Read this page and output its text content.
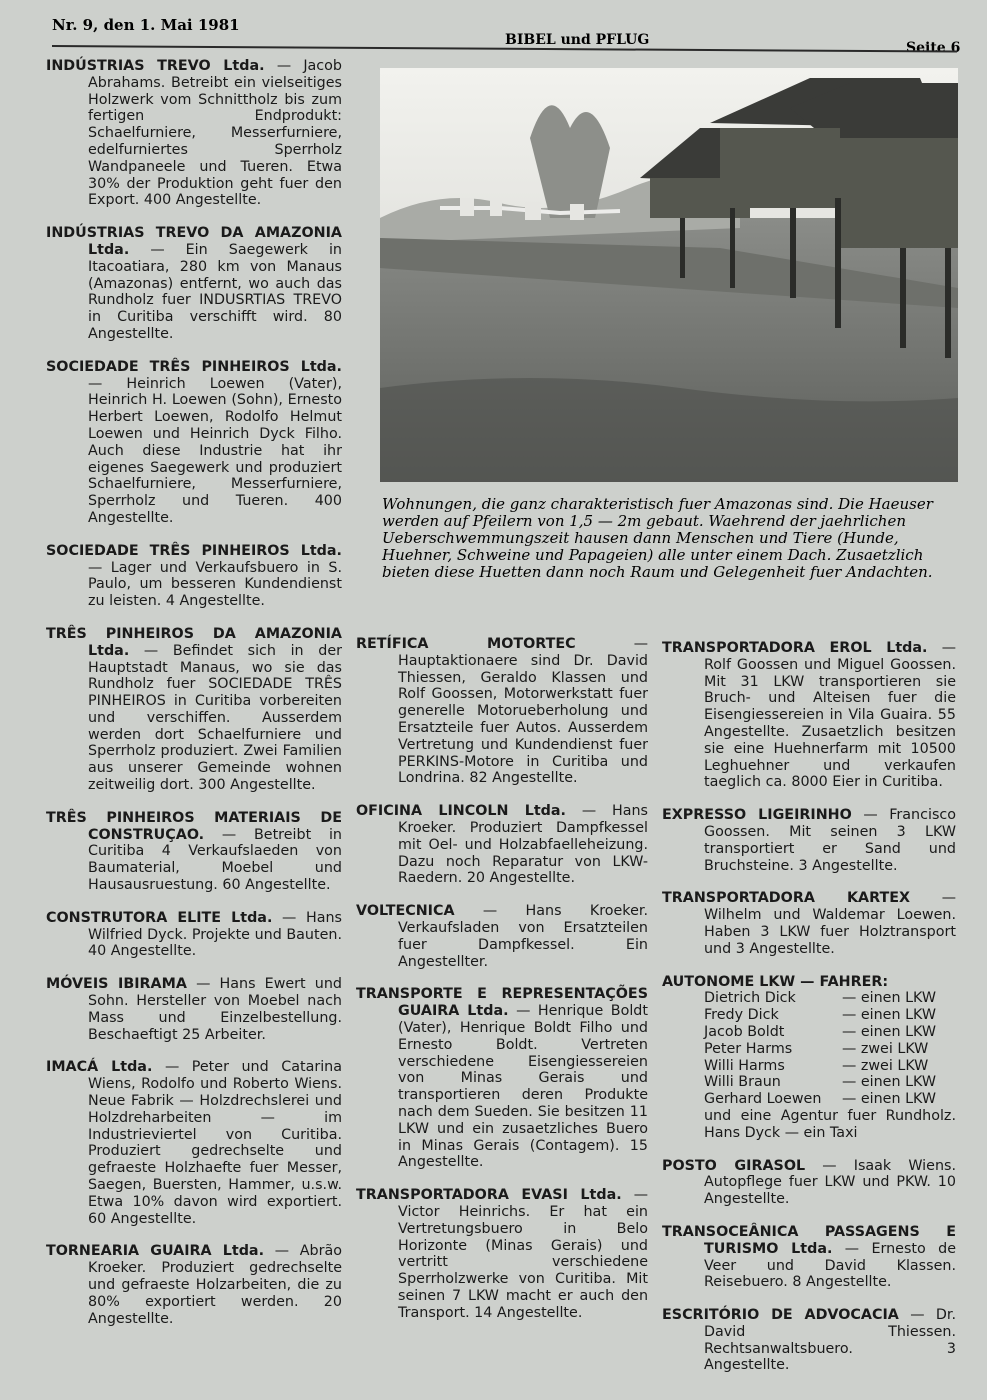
Nr. 9, den 1. Mai 1981
BIBEL und PFLUG	Seite 6
Wohnungen, die ganz charakteristisch fuer Amazonas sind. Die Haeuser werden auf Pfeilern von 1,5 — 2m gebaut. Waehrend der jaehrlichen Ueberschwemmungszeit hausen dann Menschen und Tiere (Hunde, Huehner, Schweine und Papageien) alle unter einem Dach. Zusaetzlich bieten diese Huetten dann noch Raum und Gelegenheit fuer Andachten.

INDÚSTRIAS TREVO Ltda. — Jacob Abrahams. Betreibt ein vielseitiges Holzwerk vom Schnittholz bis zum fertigen Endprodukt: Schaelfurniere, Messerfurniere, edelfurniertes Sperrholz Wandpaneele und Tueren. Etwa 30% der Produktion geht fuer den Export. 400 Angestellte.

INDÚSTRIAS TREVO DA AMAZONIA Ltda. — Ein Saegewerk in Itacoatiara, 280 km von Manaus (Amazonas) entfernt, wo auch das Rundholz fuer INDUSRTIAS TREVO in Curitiba verschifft wird. 80 Angestellte.

SOCIEDADE TRÊS PINHEIROS Ltda. — Heinrich Loewen (Vater), Heinrich H. Loewen (Sohn), Ernesto Herbert Loewen, Rodolfo Helmut Loewen und Heinrich Dyck Filho. Auch diese Industrie hat ihr eigenes Saegewerk und produziert Schaelfurniere, Messerfurniere, Sperrholz und Tueren. 400 Angestellte.

SOCIEDADE TRÊS PINHEIROS Ltda. — Lager und Verkaufsbuero in S. Paulo, um besseren Kundendienst zu leisten. 4 Angestellte.

TRÊS PINHEIROS DA AMAZONIA Ltda. — Befindet sich in der Hauptstadt Manaus, wo sie das Rundholz fuer SOCIEDADE TRÊS PINHEIROS in Curitiba vorbereiten und verschiffen. Ausserdem werden dort Schaelfurniere und Sperrholz produziert. Zwei Familien aus unserer Gemeinde wohnen zeitweilig dort. 300 Angestellte.

TRÊS PINHEIROS MATERIAIS DE CONSTRUÇAO. — Betreibt in Curitiba 4 Verkaufslaeden von Baumaterial, Moebel und Hausausruestung. 60 Angestellte.

CONSTRUTORA ELITE Ltda. — Hans Wilfried Dyck. Projekte und Bauten. 40 Angestellte.

MÓVEIS IBIRAMA — Hans Ewert und Sohn. Hersteller von Moebel nach Mass und Einzelbestellung. Beschaeftigt 25 Arbeiter.

IMACÁ Ltda. — Peter und Catarina Wiens, Rodolfo und Roberto Wiens. Neue Fabrik — Holzdrechslerei und Holzdreharbeiten — im Industrieviertel von Curitiba. Produziert gedrechselte und gefraeste Holzhaefte fuer Messer, Saegen, Buersten, Hammer, u.s.w. Etwa 10% davon wird exportiert. 60 Angestellte.

TORNEARIA GUAIRA Ltda. — Abrão Kroeker. Produziert gedrechselte und gefraeste Holzarbeiten, die zu 80% exportiert werden. 20 Angestellte.

RETÍFICA MOTORTEC	— Hauptaktionaere sind Dr. David Thiessen, Geraldo Klassen und Rolf Goossen, Motorwerkstatt fuer generelle Motorueberholung und Ersatzteile fuer Autos. Ausserdem Vertretung und Kundendienst fuer PERKINS-Motore in Curitiba und Londrina. 82 Angestellte.

OFICINA LINCOLN Ltda. — Hans Kroeker. Produziert Dampfkessel mit Oel- und Holzabfaelleheizung. Dazu noch Reparatur von LKW-Raedern. 20 Angestellte.

VOLTECNICA — Hans Kroeker. Verkaufsladen von Ersatzteilen fuer Dampfkessel. Ein Angestellter.

TRANSPORTE E REPRESENTAÇÕES GUAIRA Ltda. — Henrique Boldt (Vater), Henrique Boldt Filho und Ernesto Boldt. Vertreten verschiedene Eisengiessereien von Minas Gerais und transportieren deren Produkte nach dem Sueden. Sie besitzen 11 LKW und ein zusaetzliches Buero in Minas Gerais (Contagem). 15 Angestellte.

TRANSPORTADORA EVASI Ltda. — Victor Heinrichs. Er hat ein Vertretungsbuero in Belo Horizonte (Minas Gerais) und vertritt verschiedene Sperrholzwerke von Curitiba. Mit seinen 7 LKW macht er auch den Transport. 14 Angestellte.

TRANSPORTADORA EROL Ltda. — Rolf Goossen und Miguel Goossen. Mit 31 LKW transportieren sie Bruch- und Alteisen fuer die Eisengiessereien in Vila Guaira. 55 Angestellte. Zusaetzlich besitzen sie eine Huehnerfarm mit 10500 Leghuehner und verkaufen taeglich ca. 8000 Eier in Curitiba.

EXPRESSO LIGEIRINHO — Francisco Goossen. Mit seinen 3 LKW transportiert er Sand und Bruchsteine. 3 Angestellte.

TRANSPORTADORA KARTEX — Wilhelm und Waldemar Loewen. Haben 3 LKW fuer Holztransport und 3 Angestellte.

AUTONOME LKW — FAHRER:

Dietrich Dick	— einen LKW
Fredy Dick	— einen LKW
Jacob Boldt	— einen LKW
Peter Harms	— zwei LKW
Willi Harms	— zwei LKW
Willi Braun	— einen LKW
Gerhard Loewen	— einen LKW

und eine Agentur fuer Rundholz. Hans Dyck — ein Taxi

POSTO GIRASOL — Isaak Wiens. Autopflege fuer LKW und PKW. 10 Angestellte.

TRANSOCEÂNICA PASSAGENS E TURISMO Ltda. — Ernesto de Veer und David Klassen. Reisebuero. 8 Angestellte.

ESCRITÓRIO DE ADVOCACIA — Dr. David Thiessen. Rechtsanwaltsbuero. 3 Angestellte.
